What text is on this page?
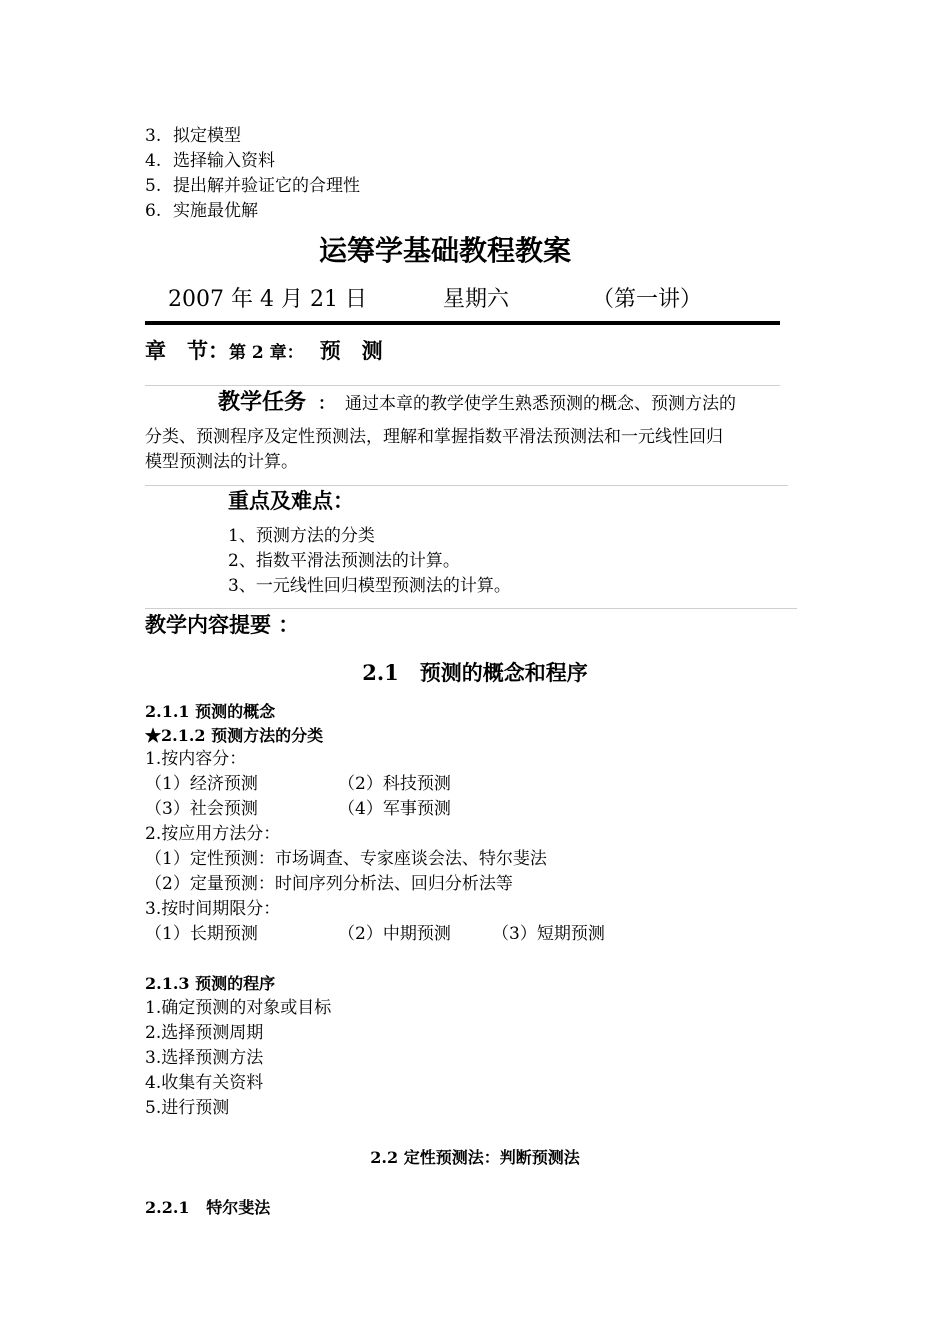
3. 拟定模型
4. 选择输入资料
5. 提出解并验证它的合理性
6. 实施最优解
运筹学基础教程教案
2007 年 4 月 21 日	星期六	（第一讲）
章　节：第 2 章： 预　测
教学任务 ： 通过本章的教学使学生熟悉预测的概念、预测方法的
分类、预测程序及定性预测法，理解和掌握指数平滑法预测法和一元线性回归
模型预测法的计算。
重点及难点：
1、预测方法的分类
2、指数平滑法预测法的计算。
3、一元线性回归模型预测法的计算。
教学内容提要 ：
2.1　预测的概念和程序
2.1.1 预测的概念
★2.1.2 预测方法的分类
1.按内容分：
（1）经济预测	（2）科技预测
（3）社会预测	（4）军事预测
2.按应用方法分：
（1）定性预测：市场调查、专家座谈会法、特尔斐法
（2）定量预测：时间序列分析法、回归分析法等
3.按时间期限分：
（1）长期预测	（2）中期预测 （3）短期预测
2.1.3 预测的程序
1.确定预测的对象或目标
2.选择预测周期
3.选择预测方法
4.收集有关资料
5.进行预测
2.2 定性预测法：判断预测法
2.2.1   特尔斐法
